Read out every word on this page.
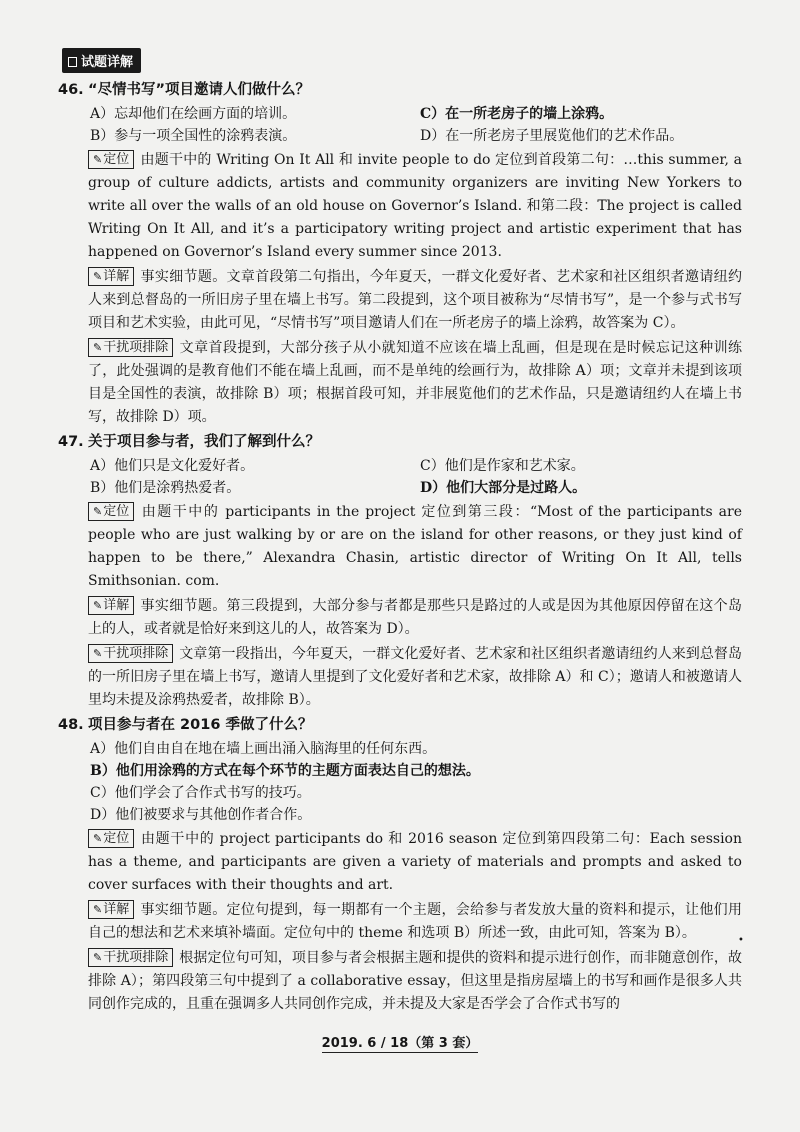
试题详解
46. “尽情书写”项目邀请人们做什么？
A）忘却他们在绘画方面的培训。	C）在一所老房子的墙上涂鸦。
B）参与一项全国性的涂鸦表演。	D）在一所老房子里展览他们的艺术作品。

✎定位 由题干中的 Writing On It All 和 invite people to do 定位到首段第二句：…this summer, a group of culture addicts, artists and community organizers are inviting New Yorkers to write all over the walls of an old house on Governor’s Island. 和第二段：The project is called Writing On It All, and it’s a participatory writing project and artistic experiment that has happened on Governor’s Island every summer since 2013.

✎详解 事实细节题。文章首段第二句指出，今年夏天，一群文化爱好者、艺术家和社区组织者邀请纽约人来到总督岛的一所旧房子里在墙上书写。第二段提到，这个项目被称为“尽情书写”，是一个参与式书写项目和艺术实验，由此可见，“尽情书写”项目邀请人们在一所老房子的墙上涂鸦，故答案为 C）。

✎干扰项排除 文章首段提到，大部分孩子从小就知道不应该在墙上乱画，但是现在是时候忘记这种训练了，此处强调的是教育他们不能在墙上乱画，而不是单纯的绘画行为，故排除 A）项；文章并未提到该项目是全国性的表演，故排除 B）项；根据首段可知，并非展览他们的艺术作品，只是邀请纽约人在墙上书写，故排除 D）项。

47. 关于项目参与者，我们了解到什么？
A）他们只是文化爱好者。	C）他们是作家和艺术家。
B）他们是涂鸦热爱者。	D）他们大部分是过路人。

✎定位 由题干中的 participants in the project 定位到第三段：“Most of the participants are people who are just walking by or are on the island for other reasons, or they just kind of happen to be there,” Alexandra Chasin, artistic director of Writing On It All, tells Smithsonian. com.

✎详解 事实细节题。第三段提到，大部分参与者都是那些只是路过的人或是因为其他原因停留在这个岛上的人，或者就是恰好来到这儿的人，故答案为 D）。

✎干扰项排除 文章第一段指出，今年夏天，一群文化爱好者、艺术家和社区组织者邀请纽约人来到总督岛的一所旧房子里在墙上书写，邀请人里提到了文化爱好者和艺术家，故排除 A）和 C）；邀请人和被邀请人里均未提及涂鸦热爱者，故排除 B）。

48. 项目参与者在 2016 季做了什么？
A）他们自由自在地在墙上画出涌入脑海里的任何东西。
B）他们用涂鸦的方式在每个环节的主题方面表达自己的想法。
C）他们学会了合作式书写的技巧。
D）他们被要求与其他创作者合作。

✎定位 由题干中的 project participants do 和 2016 season 定位到第四段第二句：Each session has a theme, and participants are given a variety of materials and prompts and asked to cover surfaces with their thoughts and art.

✎详解 事实细节题。定位句提到，每一期都有一个主题，会给参与者发放大量的资料和提示，让他们用自己的想法和艺术来填补墙面。定位句中的 theme 和选项 B）所述一致，由此可知，答案为 B）。

✎干扰项排除 根据定位句可知，项目参与者会根据主题和提供的资料和提示进行创作，而非随意创作，故排除 A）；第四段第三句中提到了 a collaborative essay，但这里是指房屋墙上的书写和画作是很多人共同创作完成的，且重在强调多人共同创作完成，并未提及大家是否学会了合作式书写的

•
2019. 6 / 18（第 3 套）
